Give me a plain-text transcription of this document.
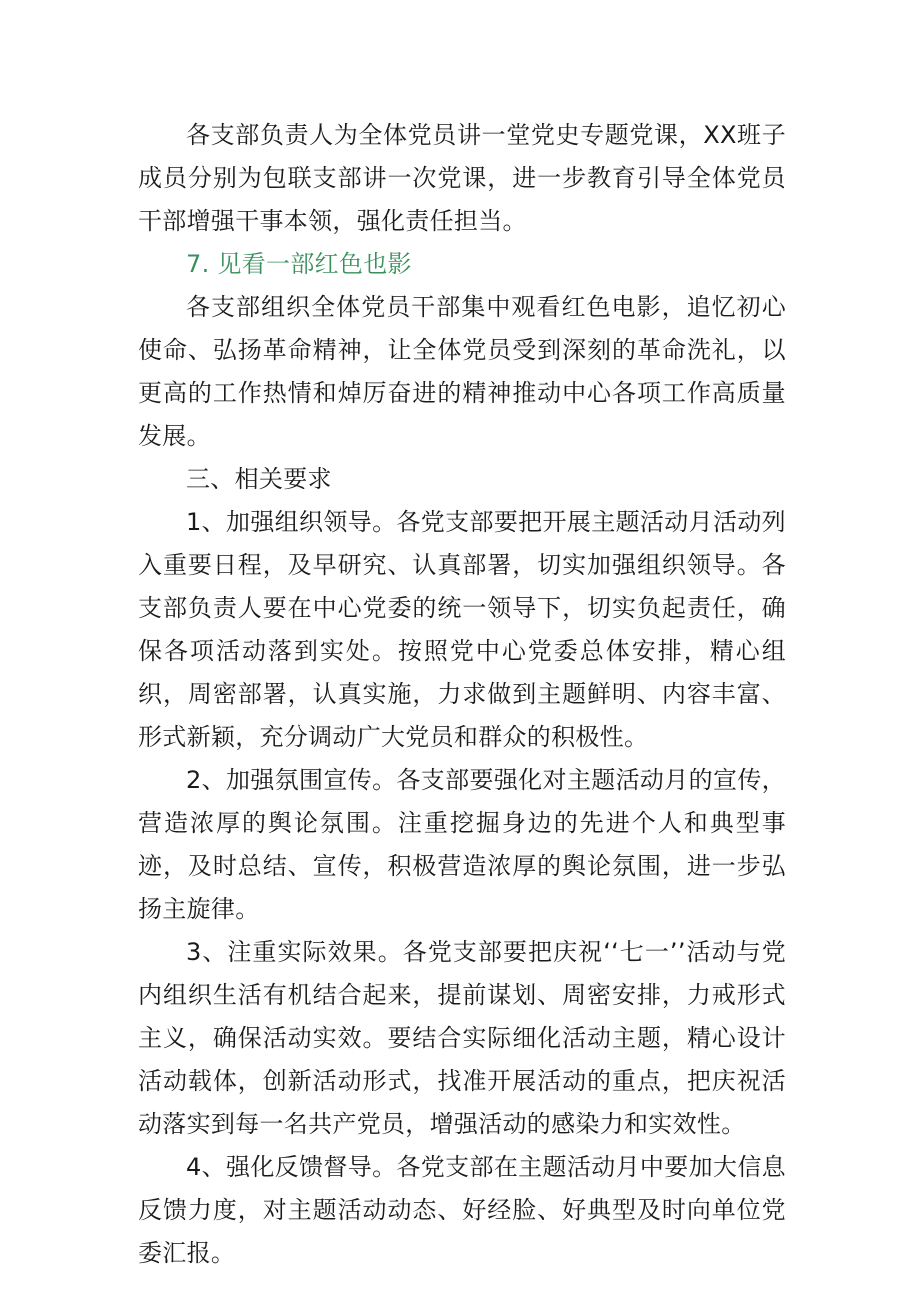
各支部负责人为全体党员讲一堂党史专题党课，XX班子成员分别为包联支部讲一次党课，进一步教育引导全体党员干部增强干事本领，强化责任担当。

7. 见看一部红色也影

各支部组织全体党员干部集中观看红色电影，追忆初心使命、弘扬革命精神，让全体党员受到深刻的革命洗礼，以更高的工作热情和焯厉奋进的精神推动中心各项工作高质量发展。

三、相关要求

1、加强组织领导。各党支部要把开展主题活动月活动列入重要日程，及早研究、认真部署，切实加强组织领导。各支部负责人要在中心党委的统一领导下，切实负起责任，确保各项活动落到实处。按照党中心党委总体安排，精心组织，周密部署，认真实施，力求做到主题鲜明、内容丰富、形式新颖，充分调动广大党员和群众的积极性。

2、加强氛围宣传。各支部要强化对主题活动月的宣传，营造浓厚的舆论氛围。注重挖掘身边的先进个人和典型事迹，及时总结、宣传，积极营造浓厚的舆论氛围，进一步弘扬主旋律。

3、注重实际效果。各党支部要把庆祝‘‘七一’’活动与党内组织生活有机结合起来，提前谋划、周密安排，力戒形式主义，确保活动实效。要结合实际细化活动主题，精心设计活动载体，创新活动形式，找准开展活动的重点，把庆祝活动落实到每一名共产党员，增强活动的感染力和实效性。

4、强化反馈督导。各党支部在主题活动月中要加大信息反馈力度，对主题活动动态、好经脸、好典型及时向单位党委汇报。
